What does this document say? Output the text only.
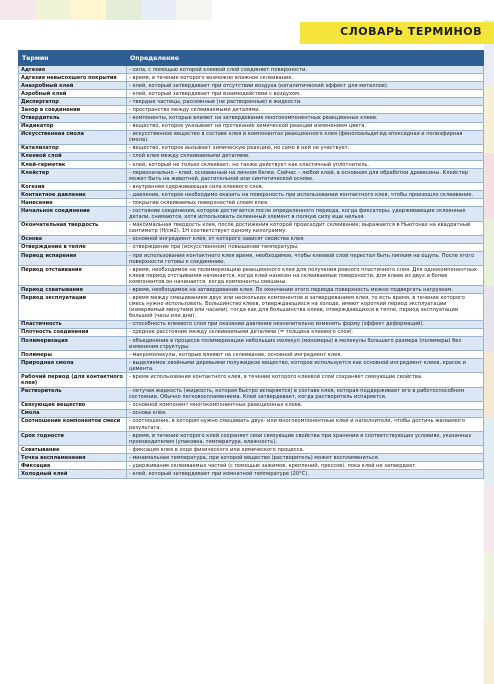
СЛОВАРЬ ТЕРМИНОВ
Термин	Определение
Адгезия	- сила, с помощью которой клеевой слой соединяет поверхности.
Адгезия невысохшего покрытия	- время, в течение которого возможно влажное склеивание.
Анаэробный клей	- клей, который затвердевает при отсутствии воздуха (каталитический эффект для металлов).
Аэробный клей	- клей, который затвердевает при взаимодействии с воздухом.
Диспергатор	- твердые частицы, рассеянные (не растворенные) в жидкости.
Зазор в соединении	- пространство между склеиваемыми деталями.
Отвердитель	- компоненты, которые влияют на затвердевание многокомпонентных реакционных клеев.
Индикатор	- вещество, которое указывает на протекание химической реакции изменением цвета.
Искусственная смола	- искусственное вещество в составе клея и компонентах реакционного клея (фенолоальдегид-эпоксидная и полиэфирная смола).
Катализатор	- вещество, которое вызывает химическую реакцию, но само в ней не участвует.
Клеевой слой	- слой клея между склеиваемыми деталями.
Клей-герметик	- клей, который не только склеивает, но также действует как эластичный уплотнитель.
Клейстер	- первоначально - клей, основанный на личном белке. Сейчас – любой клей, в основном для обработки древесины. Клейстер может быть на животной, растительной или синтетической основе.
Когезия	- внутренняя сдерживающая сила клеевого слоя.
Контактное давление	- давление, которое необходимо оказать на поверхность при использовании контактного клея, чтобы произошло склеивание.
Нанесение	- покрытие склеиваемых поверхностей слоем клея.
Начальное соединение	- состояние соединения, которое достигается после определенного периода, когда фиксаторы, удерживающие склеенные детали, снимаются, хотя использовать склеенный элемент в полную силу еще нельзя.
Окончательная твердость	- максимальная твердость клея, после достижения которой происходит склеивание; выражается в Ньютонах на квадратный сантиметр (Н/см2). 1Н соответствует одному килограмму.
Основа	- основной ингредиент клея, от которого зависят свойства клея.
Отверждение в тепле	- отверждение при (искусственном) повышении температуры.
Период испарения	- при использовании контактного клея время, необходимое, чтобы клеевой слой перестал быть липким на ощупь. После этого поверхности готовы к соединению.
Период отстаивания	- время, необходимое на полимеризацию реакционного клея для получения ровного пластичного слоя. Для однокомпонентных клеев период отстаивания начинается, когда клей нанесен на склеиваемые поверхности, для клеев из двух и более компонентов он начинается, когда компоненты смешаны.
Период схватывания	- время, необходимое на затвердевание клея. По окончании этого периода поверхность можно подвергать нагрузкам.
Период эксплуатации	- время между смешиванием двух или нескольких компонентов и затвердеванием клея, то есть время, в течение которого смесь нужно использовать. Большинство клеев, отверждающихся на холоде, имеют короткий период эксплуатации (измеряемый минутами или часами), тогда как для большинства клеев, отверждающихся в тепле, период эксплуатации большой (часы или дни).
Пластичность	- способность клеевого слоя при оказании давление незначительно изменять форму (эффект деформаций).
Плотность соединения	- среднее расстояние между склеиваемыми деталями (= толщина клеевого слоя).
Полимеризация	- объединение в процессе полимеризации небольших молекул (мономеры) в молекулы большего размера (полимеры) без изменения структуры.
Полимеры	- макромолекулы, которые влияют на склеивание; основной ингредиент клея.
Природная смола	- выделяемое хвойными деревьями полужидкое вещество, которое используется как основной ингредиент клеев, красок и цемента.
Рабочий период (для контактного клея)	- время использования контактного клея, в течение которого клеевой слой сохраняет связующие свойства.
Растворитель	- летучая жидкость (жидкость, которая быстро испаряется) в составе клея, которая поддерживает его в работоспособном состоянии. Обычно легковоспламеняема. Клей затвердевает, когда растворитель испаряется.
Связующее вещество	- основной компонент многокомпонентных реакционных клеев.
Смола	- основа клея.
Соотношение компонентов смеси	- соотношение, в котором нужно смешивать двух- или многокомпонентные клеи и наполнители, чтобы достичь желаемого результата.
Срок годности	- время, в течение которого клей сохраняет свои связующие свойства при хранении в соответствующих условиях, указанных производителем (упаковка, температура, влажность).
Схватывание	- фиксация клея в ходе физического или химического процесса.
Точка воспламенения	- минимальная температура, при которой вещество (растворитель) может воспламениться.
Фиксация	- удерживание склеиваемых частей (с помощью зажимов, креплений, прессов), пока клей не затвердеет.
Холодный клей	- клей, который затвердевает при комнатной температуре (20°С).
